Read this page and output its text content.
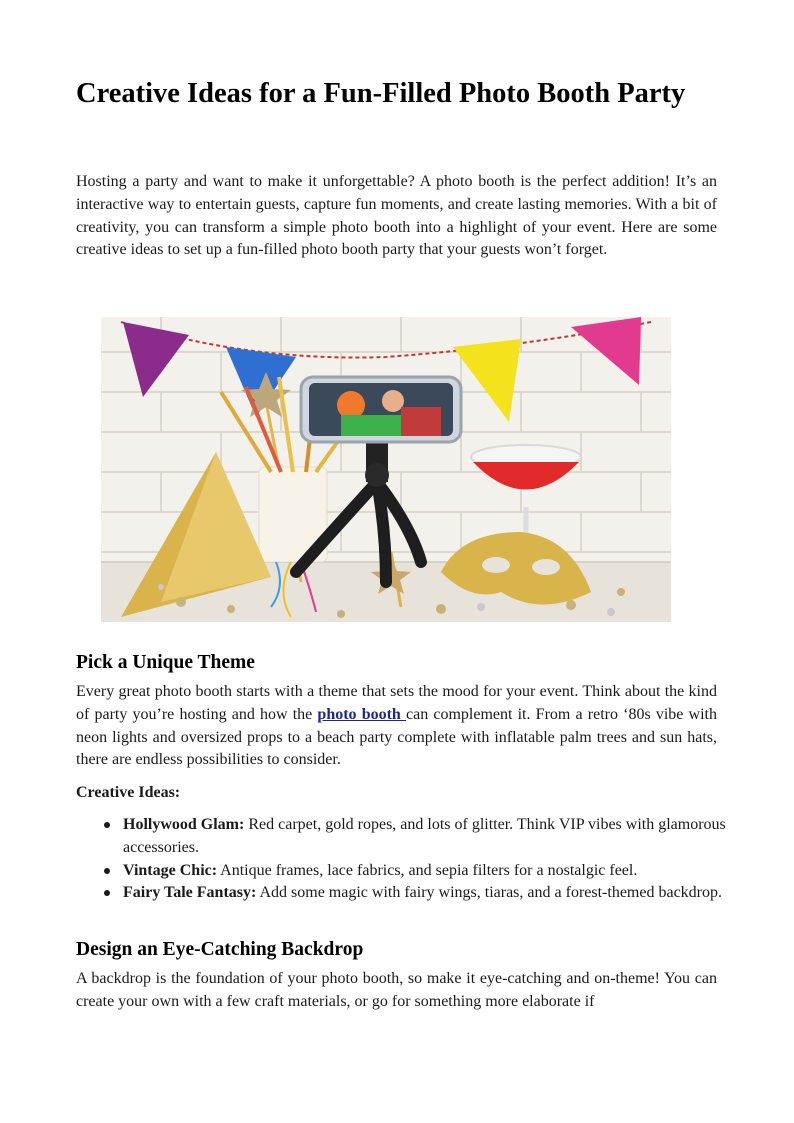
Creative Ideas for a Fun-Filled Photo Booth Party

Hosting a party and want to make it unforgettable? A photo booth is the perfect addition! It’s an interactive way to entertain guests, capture fun moments, and create lasting memories. With a bit of creativity, you can transform a simple photo booth into a highlight of your event. Here are some creative ideas to set up a fun-filled photo booth party that your guests won’t forget.

Pick a Unique Theme

Every great photo booth starts with a theme that sets the mood for your event. Think about the kind of party you’re hosting and how the photo booth can complement it. From a retro ‘80s vibe with neon lights and oversized props to a beach party complete with inflatable palm trees and sun hats, there are endless possibilities to consider.

Creative Ideas:

Hollywood Glam: Red carpet, gold ropes, and lots of glitter. Think VIP vibes with glamorous accessories.
Vintage Chic: Antique frames, lace fabrics, and sepia filters for a nostalgic feel.
Fairy Tale Fantasy: Add some magic with fairy wings, tiaras, and a forest-themed backdrop.
Design an Eye-Catching Backdrop

A backdrop is the foundation of your photo booth, so make it eye-catching and on-theme! You can create your own with a few craft materials, or go for something more elaborate if
